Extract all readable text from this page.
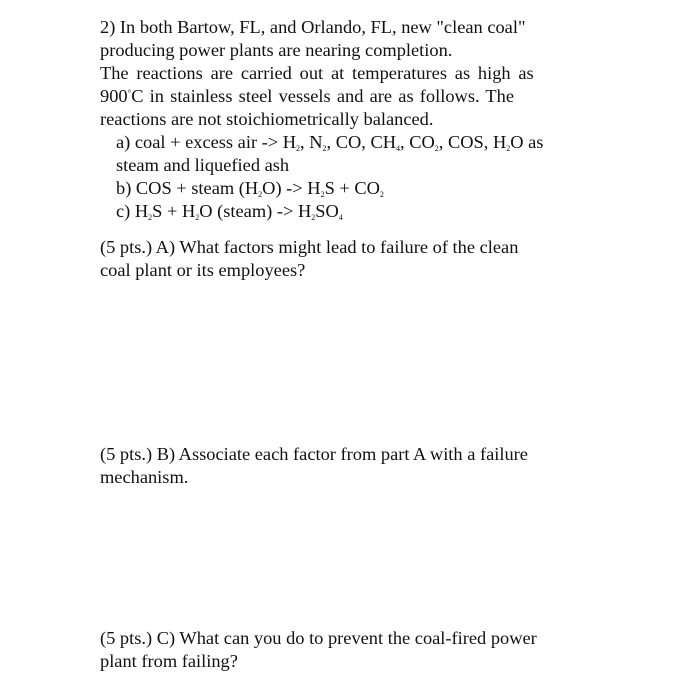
2) In both Bartow, FL, and Orlando, FL, new "clean coal"
producing power plants are nearing completion.
The reactions are carried out at temperatures as high as
900°C in stainless steel vessels and are as follows. The
reactions are not stoichiometrically balanced.
a) coal + excess air -> H2, N2, CO, CH4, CO2, COS, H2O as
steam and liquefied ash
b) COS + steam (H2O) -> H2S + CO2
c) H2S + H2O (steam) -> H2SO4
(5 pts.) A) What factors might lead to failure of the clean
coal plant or its employees?
(5 pts.) B) Associate each factor from part A with a failure
mechanism.
(5 pts.) C) What can you do to prevent the coal-fired power
plant from failing?
